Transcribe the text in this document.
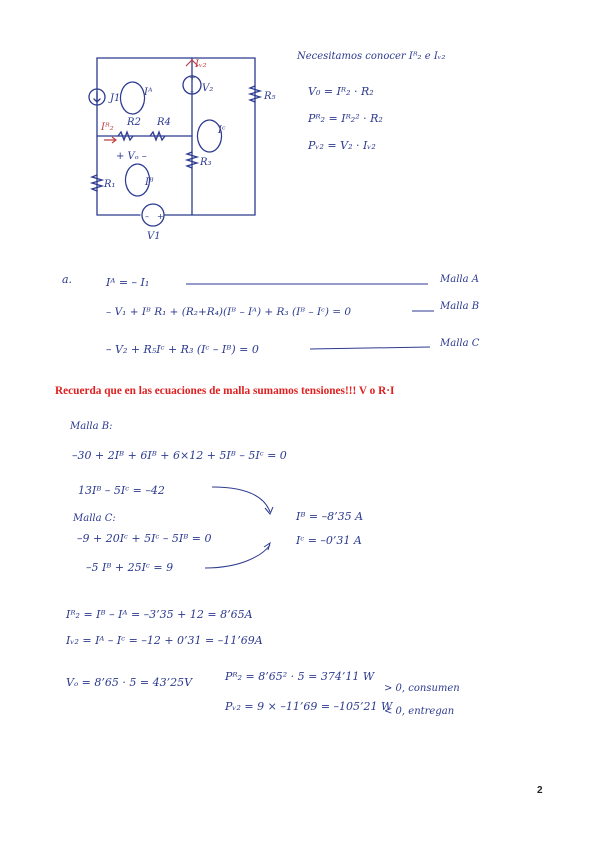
+
–
– +
Iᵥ₂
J1
Iᴬ	V₂
R₅
Iᴿ₂ R2 R4
Iᶜ
+ Vₒ –
R₃
R₁	Iᴮ
V1
Necesitamos conocer Iᴿ₂ e Iᵥ₂
V₀ = Iᴿ₂ · R₂
Pᴿ₂ = Iᴿ₂² · R₂
Pᵥ₂ = V₂ · Iᵥ₂
a.	Iᴬ = – I₁	Malla A
– V₁ + Iᴮ R₁ + (R₂+R₄)(Iᴮ – Iᴬ) + R₃ (Iᴮ – Iᶜ) = 0	Malla B
– V₂ + R₅Iᶜ + R₃ (Iᶜ – Iᴮ) = 0	Malla C
Recuerda que en las ecuaciones de malla sumamos tensiones!!! V o R·I
Malla B:
–30 + 2Iᴮ + 6Iᴮ + 6×12 + 5Iᴮ – 5Iᶜ = 0
13Iᴮ – 5Iᶜ = –42
Malla C:
–9 + 20Iᶜ + 5Iᶜ – 5Iᴮ = 0
–5 Iᴮ + 25Iᶜ = 9
Iᴮ = –8’35 A
Iᶜ = –0’31 A
Iᴿ₂ = Iᴮ – Iᴬ = –3’35 + 12 = 8’65A
Iᵥ₂ = Iᴬ – Iᶜ = –12 + 0’31 = –11’69A
Vₒ = 8’65 · 5 = 43’25V	Pᴿ₂ = 8’65² · 5 = 374’11 W
Pᵥ₂ = 9 × –11’69 = –105’21 W
> 0, consumen
< 0, entregan
2
